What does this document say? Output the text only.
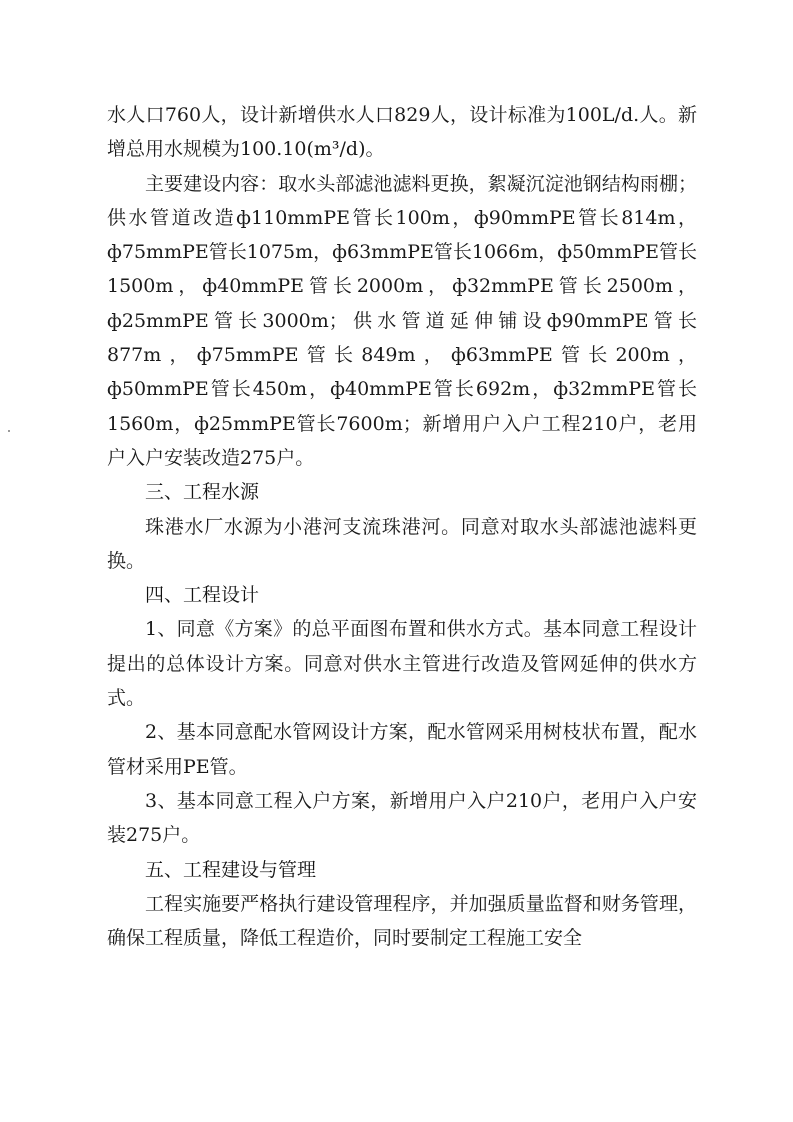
水人口760人，设计新增供水人口829人，设计标准为100L/d.人。新增总用水规模为100.10(m³/d)。

主要建设内容：取水头部滤池滤料更换，絮凝沉淀池钢结构雨棚；供水管道改造ф110mmPE管长100m，ф90mmPE管长814m，ф75mmPE管长1075m，ф63mmPE管长1066m，ф50mmPE管长1500m，ф40mmPE管长2000m，ф32mmPE管长2500m，ф25mmPE管长3000m；供水管道延伸铺设ф90mmPE管长877m，ф75mmPE管长849m，ф63mmPE管长200m，ф50mmPE管长450m，ф40mmPE管长692m，ф32mmPE管长1560m，ф25mmPE管长7600m；新增用户入户工程210户，老用户入户安装改造275户。

三、工程水源

珠港水厂水源为小港河支流珠港河。同意对取水头部滤池滤料更换。

四、工程设计

1、同意《方案》的总平面图布置和供水方式。基本同意工程设计提出的总体设计方案。同意对供水主管进行改造及管网延伸的供水方式。

2、基本同意配水管网设计方案，配水管网采用树枝状布置，配水管材采用PE管。

3、基本同意工程入户方案，新增用户入户210户，老用户入户安装275户。

五、工程建设与管理

工程实施要严格执行建设管理程序，并加强质量监督和财务管理，确保工程质量，降低工程造价，同时要制定工程施工安全
